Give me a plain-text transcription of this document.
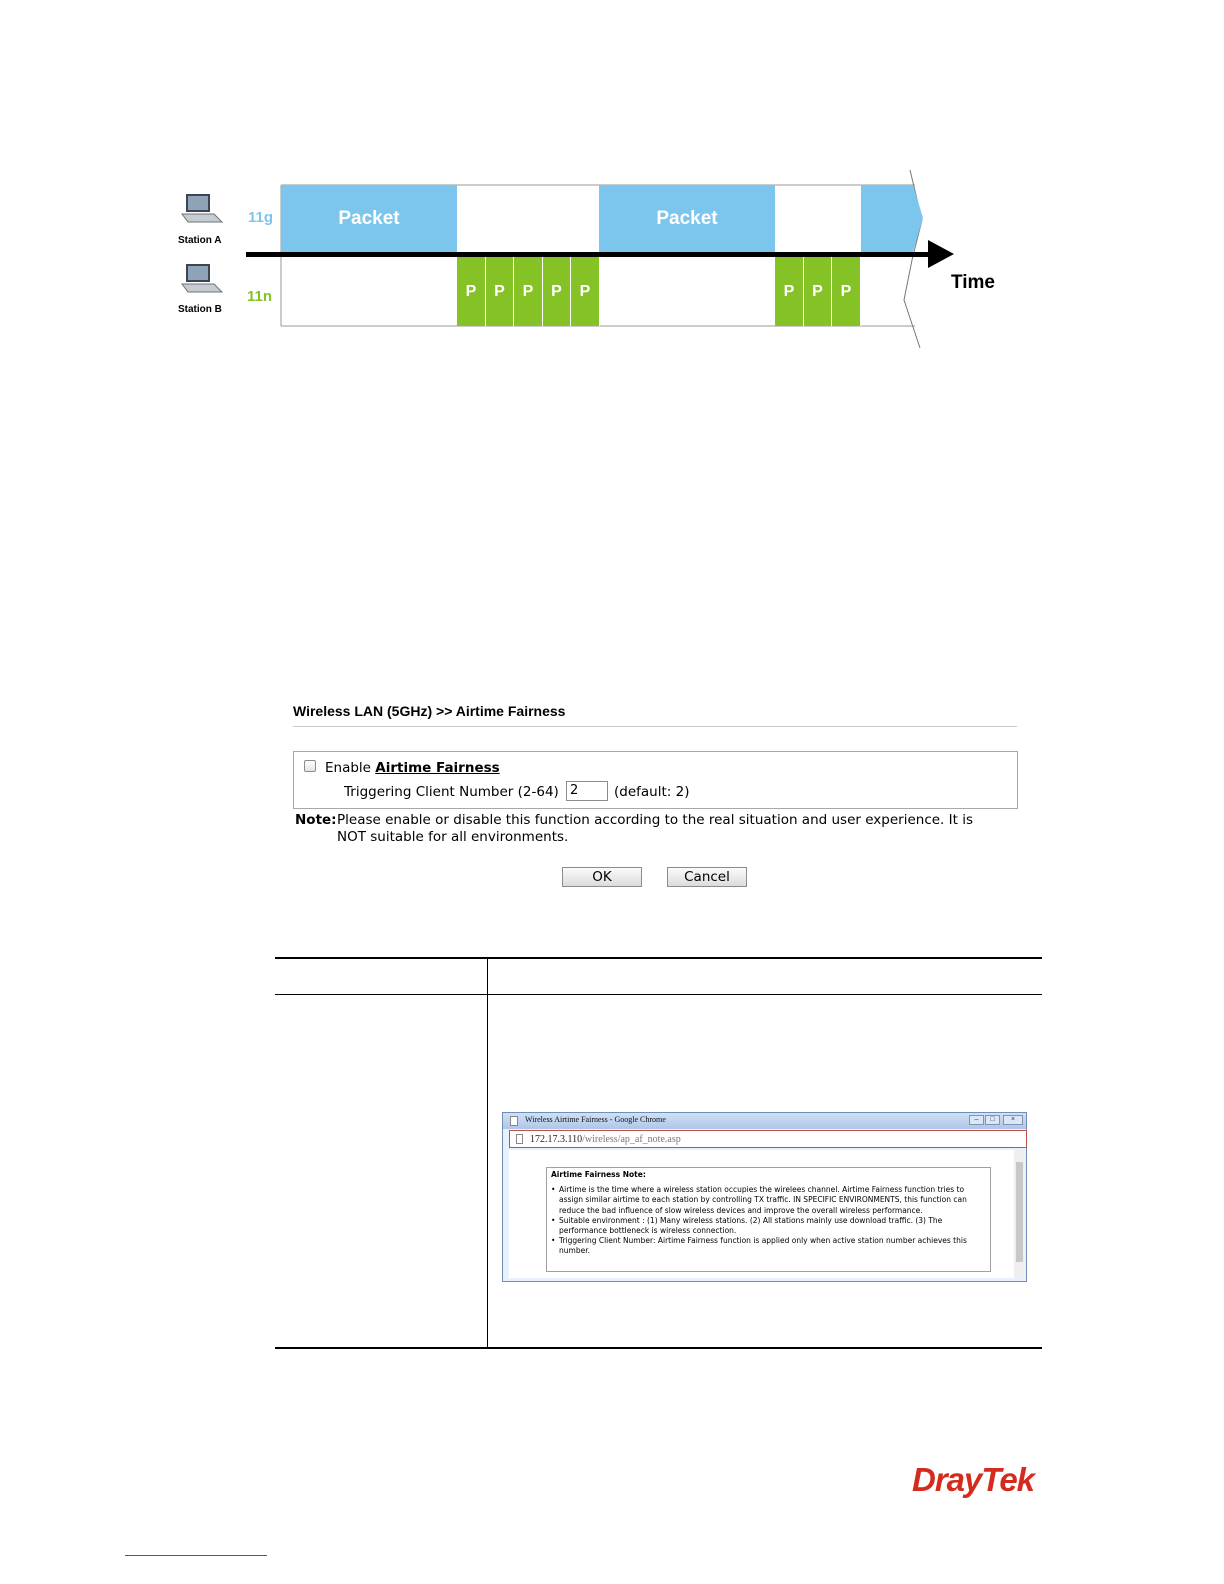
Station A
11g
Station B
11n
Packet	Packet
P	P	P	P	P	P	P	P	Time
Wireless LAN (5GHz) >> Airtime Fairness
Enable Airtime Fairness
Triggering Client Number (2-64) 2	(default: 2)
Note: Please enable or disable this function according to the real situation and user experience. It is NOT suitable for all environments.
OK	Cancel
Wireless Airtime Fairness - Google Chrome	–	□	×
172.17.3.110/wireless/ap_af_note.asp
Airtime Fairness Note:
• Airtime is the time where a wireless station occupies the wirelees channel. Airtime Fairness function tries to assign similar airtime to each station by controlling TX traffic. IN SPECIFIC ENVIRONMENTS, this function can reduce the bad influence of slow wireless devices and improve the overall wireless performance.
• Suitable environment : (1) Many wireless stations. (2) All stations mainly use download traffic. (3) The performance bottleneck is wireless connection.
• Triggering Client Number: Airtime Fairness function is applied only when active station number achieves this number.
DrayTek
